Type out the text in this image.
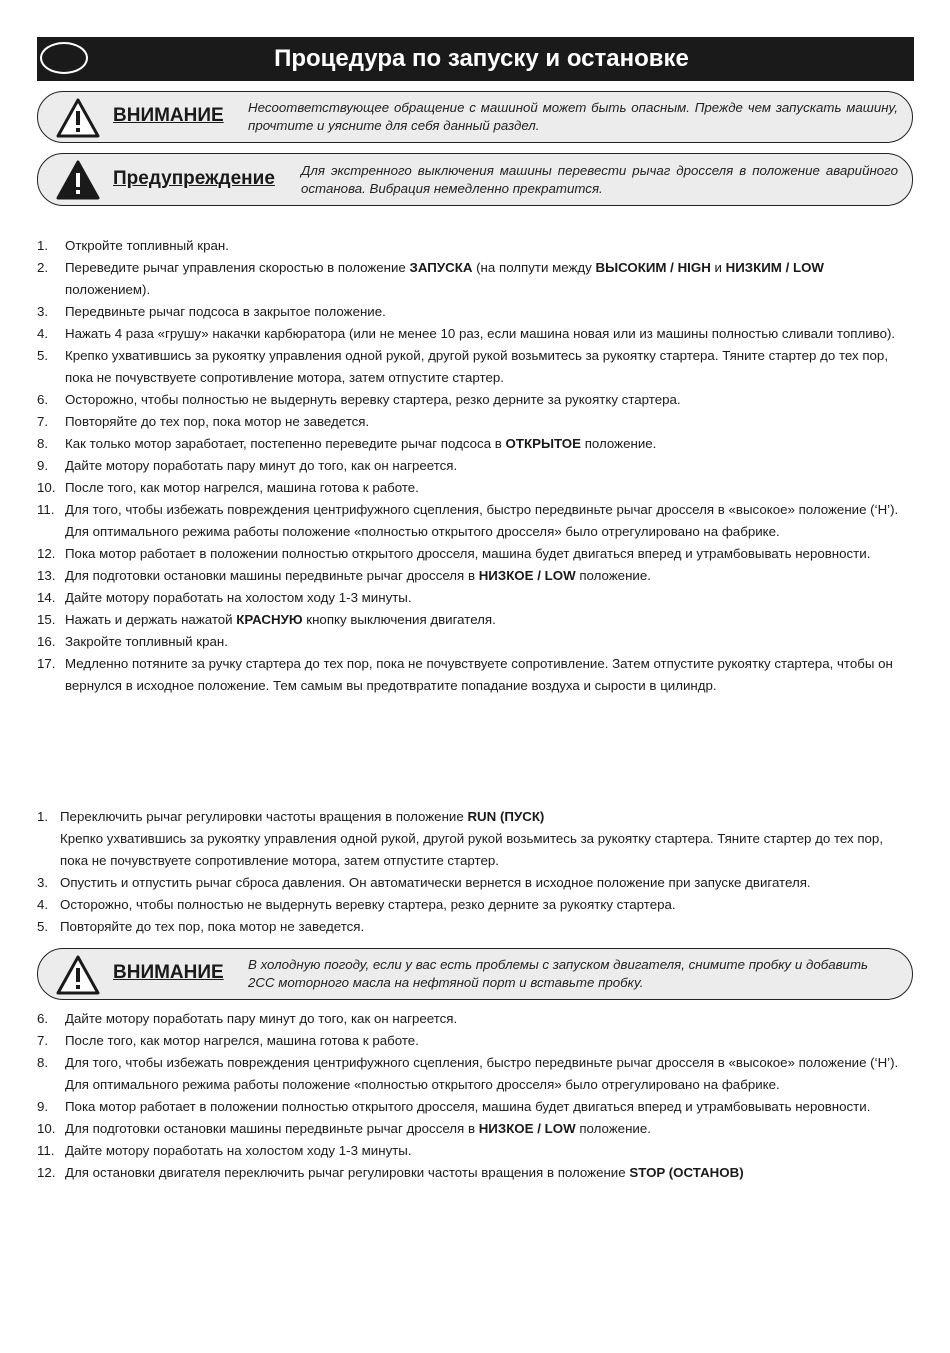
Процедура по запуску и остановке
ВНИМАНИЕ Несоответствующее обращение с машиной может быть опасным. Прежде чем запускать машину, прочтите и уясните для себя данный раздел.
Предупреждение Для экстренного выключения машины перевести рычаг дросселя в положение аварийного останова. Вибрация немедленно прекратится.
1. Откройте топливный кран.
2. Переведите рычаг управления скоростью в положение ЗАПУСКА (на полпути между ВЫСОКИМ / HIGH и НИЗКИМ / LOW положением).
3. Передвиньте рычаг подсоса в закрытое положение.
4. Нажать 4 раза «грушу» накачки карбюратора (или не менее 10 раз, если машина новая или из машины полностью сливали топливо).
5. Крепко ухватившись за рукоятку управления одной рукой, другой рукой возьмитесь за рукоятку стартера. Тяните стартер до тех пор, пока не почувствуете сопротивление мотора, затем отпустите стартер.
6. Осторожно, чтобы полностью не выдернуть веревку стартера, резко дерните за рукоятку стартера.
7. Повторяйте до тех пор, пока мотор не заведется.
8. Как только мотор заработает, постепенно переведите рычаг подсоса в ОТКРЫТОЕ положение.
9. Дайте мотору поработать пару минут до того, как он нагреется.
10. После того, как мотор нагрелся, машина готова к работе.
11. Для того, чтобы избежать повреждения центрифужного сцепления, быстро передвиньте рычаг дросселя в «высокое» положение (‘H’). Для оптимального режима работы положение «полностью открытого дросселя» было отрегулировано на фабрике.
12. Пока мотор работает в положении полностью открытого дросселя, машина будет двигаться вперед и утрамбовывать неровности.
13. Для подготовки остановки машины передвиньте рычаг дросселя в НИЗКОЕ / LOW положение.
14. Дайте мотору поработать на холостом ходу 1-3 минуты.
15. Нажать и держать нажатой КРАСНУЮ кнопку выключения двигателя.
16. Закройте топливный кран.
17. Медленно потяните за ручку стартера до тех пор, пока не почувствуете сопротивление. Затем отпустите рукоятку стартера, чтобы он вернулся в исходное положение. Тем самым вы предотвратите попадание воздуха и сырости в цилиндр.
1. Переключить рычаг регулировки частоты вращения в положение RUN (ПУСК)
Крепко ухватившись за рукоятку управления одной рукой, другой рукой возьмитесь за рукоятку стартера. Тяните стартер до тех пор, пока не почувствуете сопротивление мотора, затем отпустите стартер.
3. Опустить и отпустить рычаг сброса давления. Он автоматически вернется в исходное положение при запуске двигателя.
4. Осторожно, чтобы полностью не выдернуть веревку стартера, резко дерните за рукоятку стартера.
5. Повторяйте до тех пор, пока мотор не заведется.
ВНИМАНИЕ В холодную погоду, если у вас есть проблемы с запуском двигателя, снимите пробку и добавить 2CC моторного масла на нефтяной порт и вставьте пробку.
6. Дайте мотору поработать пару минут до того, как он нагреется.
7. После того, как мотор нагрелся, машина готова к работе.
8. Для того, чтобы избежать повреждения центрифужного сцепления, быстро передвиньте рычаг дросселя в «высокое» положение (‘H’). Для оптимального режима работы положение «полностью открытого дросселя» было отрегулировано на фабрике.
9. Пока мотор работает в положении полностью открытого дросселя, машина будет двигаться вперед и утрамбовывать неровности.
10. Для подготовки остановки машины передвиньте рычаг дросселя в НИЗКОЕ / LOW положение.
11. Дайте мотору поработать на холостом ходу 1-3 минуты.
12. Для остановки двигателя переключить рычаг регулировки частоты вращения в положение STOP (ОСТАНОВ)
